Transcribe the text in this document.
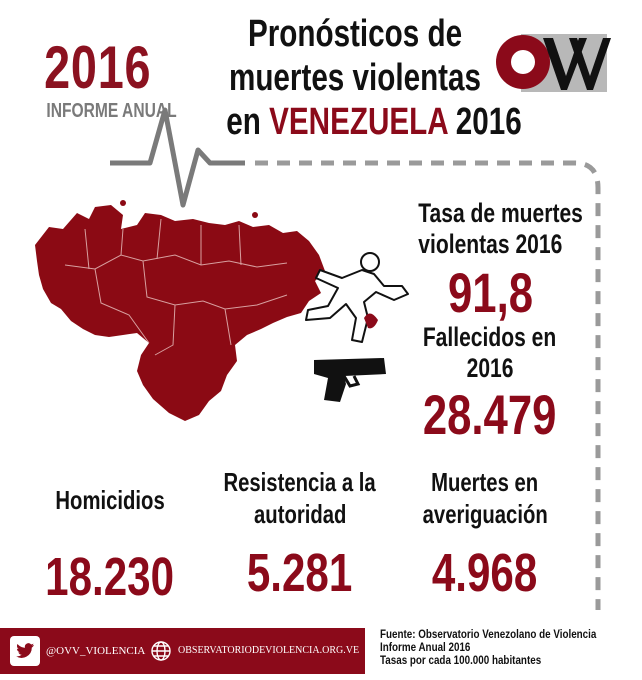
2016
INFORME ANUAL
Pronósticos de
muertes violentas
en VENEZUELA 2016
Tasa de muertes
violentas 2016
91,8
Fallecidos en
2016
28.479
Homicidios
18.230
Resistencia a la
autoridad
5.281
Muertes en
averiguación
4.968
@OVV_VIOLENCIA	OBSERVATORIODEVIOLENCIA.ORG.VE
Fuente: Observatorio Venezolano de Violencia
Informe Anual 2016
Tasas por cada 100.000 habitantes
